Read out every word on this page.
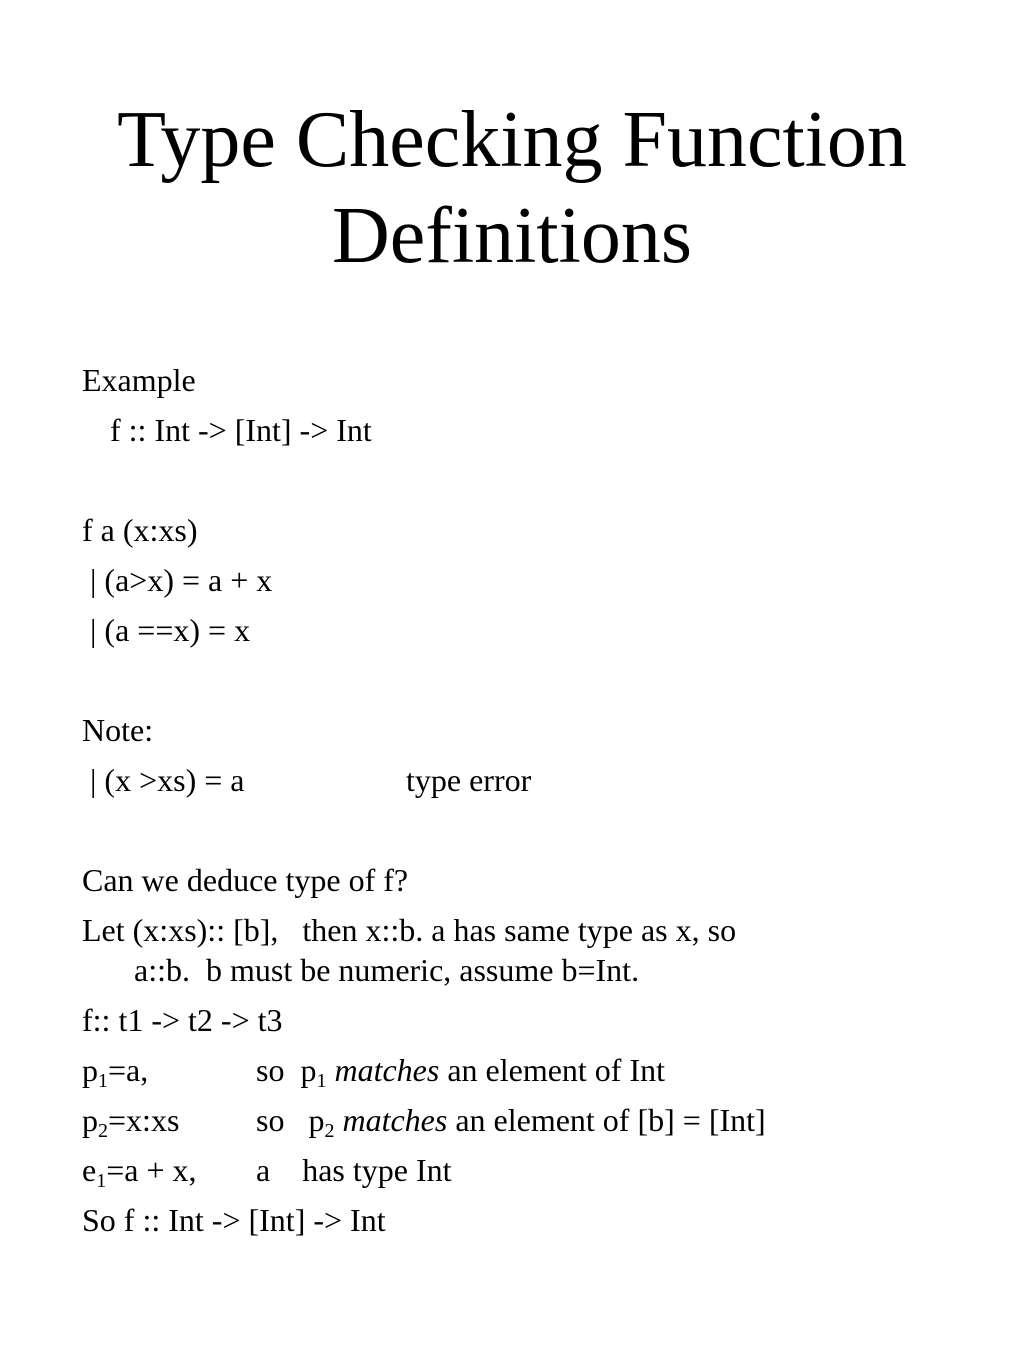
Type Checking Function
Definitions
Example
f :: Int -> [Int] -> Int
f a (x:xs)
| (a>x) = a + x
| (a ==x) = x
Note:
| (x >xs) = a	type error
Can we deduce type of f?
Let (x:xs):: [b],   then x::b. a has same type as x, so
a::b.  b must be numeric, assume b=Int.
f:: t1 -> t2 -> t3
$p_1=a$,	so  $p_1$ matches an element of Int
$p_2=x:xs$ so   $p_2$ matches an element of [b] = [Int]
$e_1=a + x$, a    has type Int
So f :: Int -> [Int] -> Int
